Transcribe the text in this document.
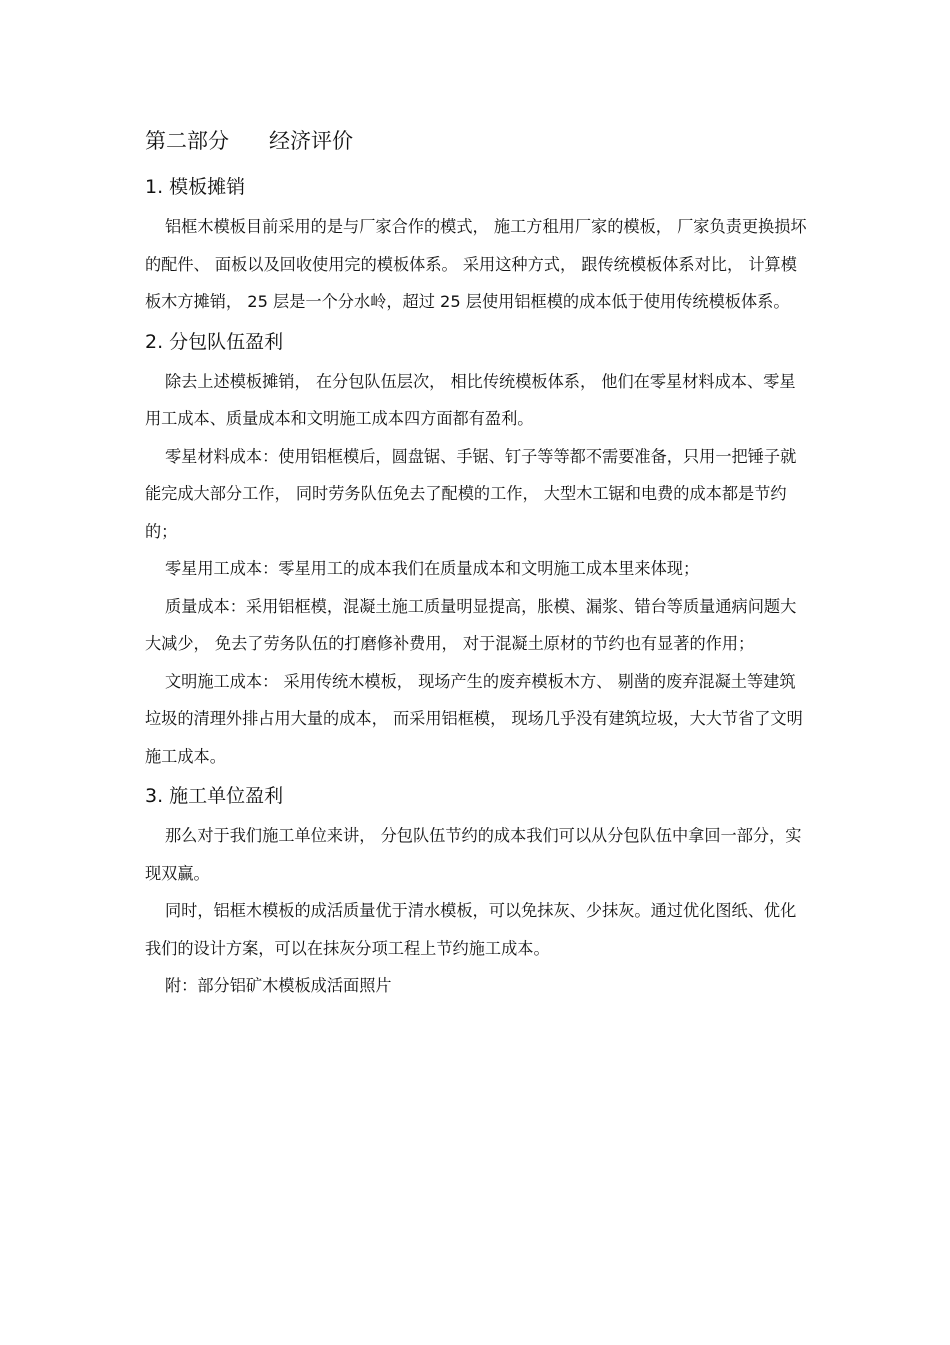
第二部分      经济评价
1. 模板摊销

铝框木模板目前采用的是与厂家合作的模式， 施工方租用厂家的模板， 厂家负责更换损坏的配件、 面板以及回收使用完的模板体系。 采用这种方式， 跟传统模板体系对比， 计算模板木方摊销， 25 层是一个分水岭，超过 25 层使用铝框模的成本低于使用传统模板体系。

2. 分包队伍盈利

除去上述模板摊销， 在分包队伍层次， 相比传统模板体系， 他们在零星材料成本、零星用工成本、质量成本和文明施工成本四方面都有盈利。

零星材料成本：使用铝框模后，圆盘锯、手锯、钉子等等都不需要准备，只用一把锤子就能完成大部分工作， 同时劳务队伍免去了配模的工作， 大型木工锯和电费的成本都是节约的；

零星用工成本：零星用工的成本我们在质量成本和文明施工成本里来体现；

质量成本：采用铝框模，混凝土施工质量明显提高，胀模、漏浆、错台等质量通病问题大大减少， 免去了劳务队伍的打磨修补费用， 对于混凝土原材的节约也有显著的作用；

文明施工成本： 采用传统木模板， 现场产生的废弃模板木方、 剔凿的废弃混凝土等建筑垃圾的清理外排占用大量的成本， 而采用铝框模， 现场几乎没有建筑垃圾，大大节省了文明施工成本。

3. 施工单位盈利

那么对于我们施工单位来讲， 分包队伍节约的成本我们可以从分包队伍中拿回一部分，实现双赢。

同时，铝框木模板的成活质量优于清水模板，可以免抹灰、少抹灰。通过优化图纸、优化我们的设计方案，可以在抹灰分项工程上节约施工成本。

附：部分铝矿木模板成活面照片
